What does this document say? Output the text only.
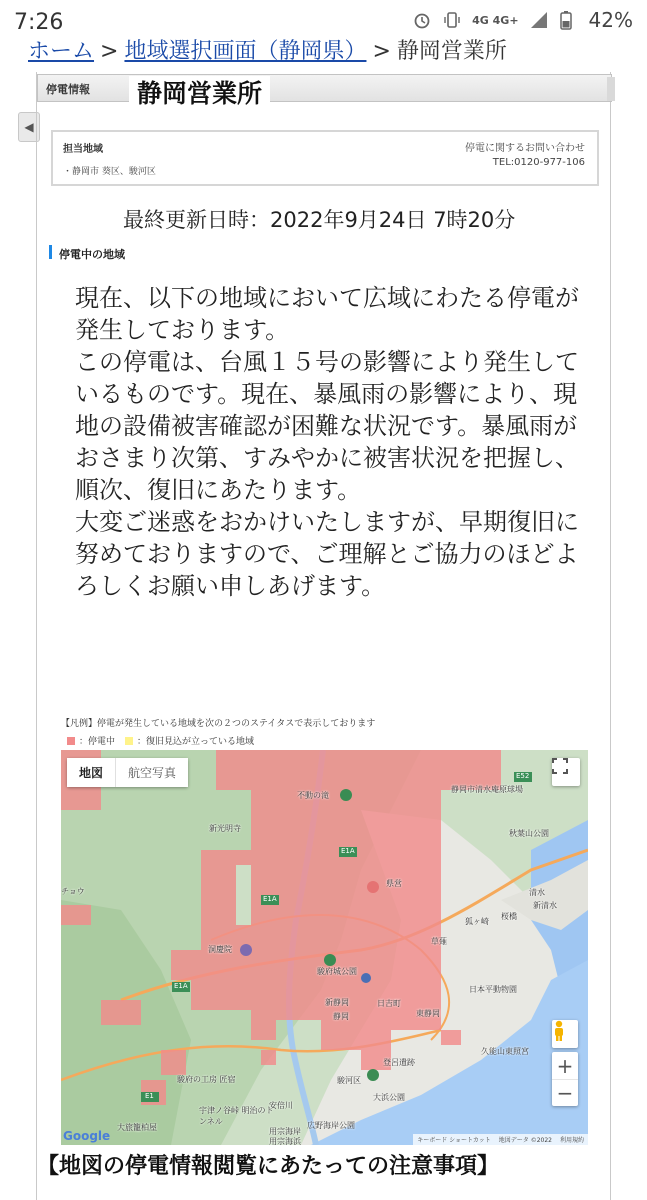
7:26	4G 4G+	42%
ホーム > 地域選択画面（静岡県） > 静岡営業所
◀
停電情報	静岡営業所
担当地域
・静岡市 葵区、駿河区
停電に関するお問い合わせ
TEL:0120-977-106
最終更新日時：2022年9月24日 7時20分
停電中の地域

現在、以下の地域において広域にわたる停電が発生しております。

この停電は、台風１５号の影響により発生しているものです。現在、暴風雨の影響により、現地の設備被害確認が困難な状況です。暴風雨がおさまり次第、すみやかに被害状況を把握し、順次、復旧にあたります。

大変ご迷惑をおかけいたしますが、早期復旧に努めておりますので、ご理解とご協力のほどよろしくお願い申しあげます。

【凡例】停電が発生している地域を次の２つのステイタスで表示しております
：停電中 ：復旧見込が立っている地域
不動の滝
新光明寺
静岡市清水庵原球場
秋葉山公園
チョウ
県営
清水
新清水
狐ヶ崎
桜橋
洞慶院
駿府城公園
草薙
東静岡
新静岡
静岡
日吉町
日本平動物園
久能山東照宮
登呂遺跡
駿河区
駿府の工房 匠宿
安倍川
宇津ノ谷峠 明治のトンネル
大浜公園
広野海岸公園
大旅籠柏屋	用宗海岸
用宗海浜
E52
E1A
E1A
E1A
E1
地図	航空写真
+
−
Google	キーボード ショートカット 地図データ ©2022 利用規約
【地図の停電情報閲覧にあたっての注意事項】
